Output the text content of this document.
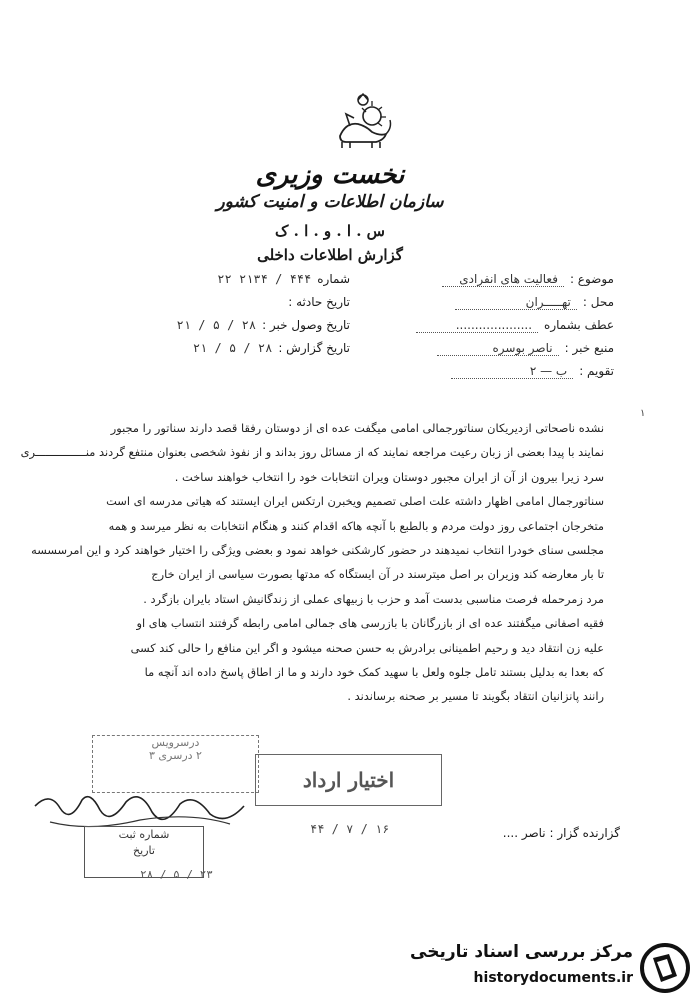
نخست وزیری
سازمان اطلاعات و امنیت کشور
س . ا . و . ا . ک
گزارش اطلاعات داخلی
موضوع :
فعالیت های انفرادی
محل :
تهـــــران
عطف بشماره
....................
منبع خبر :
ناصر بوسره
تقویم :
ب — ۲
شماره
۴۴۴ / ۲۱۳۴ ۲۲
تاریخ حادثه :
تاریخ وصول خبر :
۲۸ / ۵ / ۲۱
تاریخ گزارش :
۲۸ / ۵ / ۲۱
۱
نشده ناصحاتی ازدیریکان سناتورجمالی امامی میگفت عده ای از دوستان رفقا قصد دارند سناتور را مجبور
نمایند با پیدا بعضی از زبان رعیت مراجعه نمایند که از مسائل روز بداند و از نفوذ شخصی بعنوان منتفع گردند منـــــــــــــــری
سرد زیرا بیرون از آن از ایران مجبور دوستان ویران انتخابات خود را انتخاب خواهند ساخت .
سناتورجمال امامی اظهار داشته علت اصلی تصمیم ویخبرن ارتکس ایران ایستند که هیاتی مدرسه ای است
متخرجان اجتماعی روز دولت مردم و بالطبع با آنچه هاکه اقدام کنند و هنگام انتخابات به نظر میرسد و همه
مجلسی سنای خودرا انتخاب نمیدهند در حضور کارشکنی خواهد نمود و بعضی ویژگی را اختیار خواهند کرد و این امرسسسه
تا بار معارضه کند وزیران بر اصل میترسند در آن ایستگاه که مدتها بصورت سیاسی از ایران خارج
مرد زمرحمله فرصت مناسبی بدست آمد و حزب با زبیهای عملی از زندگانیش استاد بایران بازگرد .
فقیه اصفانی میگفتند عده ای از بازرگانان با بازرسی های جمالی امامی رابطه گرفتند انتساب های او
علیه زن انتقاد دید و رحیم اطمینانی برادرش به حسن صحنه میشود و اگر این منافع را حالی کند کسی
که بعدا به بدلیل بستند تامل جلوه ولعل با سهید کمک خود دارند و ما از اطاق پاسخ داده اند آنچه ما
رانند پانزانیان انتقاد بگویند تا مسیر بر صحنه برساندند .
درسرویس
۲ درسری ۳
اختیار ارداد
شماره ثبت
تاریخ
گزارنده گزار : ناصر ....
۴۴ / ۷ / ۱۶
۲۸ / ۵ / ۲۳
مرکز بررسی اسناد تاریخی
historydocuments.ir
